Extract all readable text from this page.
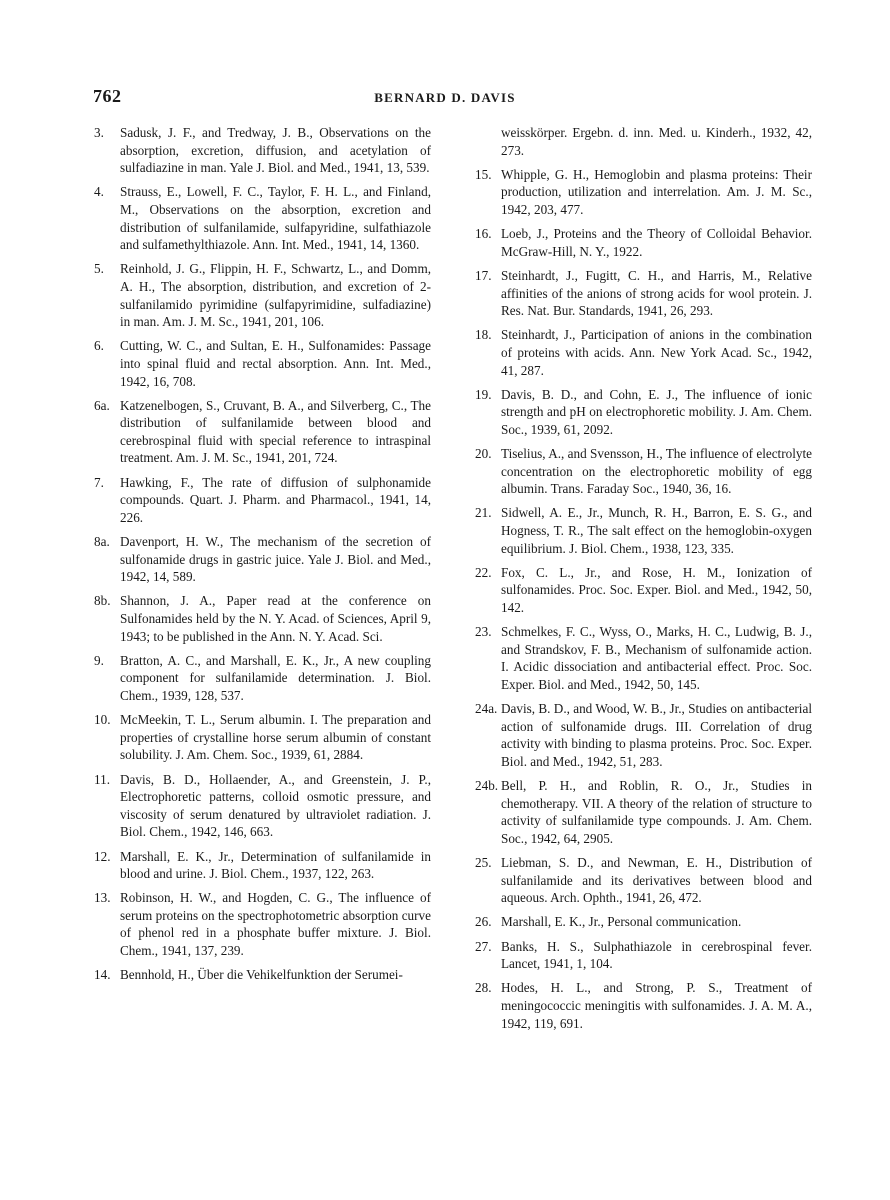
762	BERNARD D. DAVIS
3. Sadusk, J. F., and Tredway, J. B., Observations on the absorption, excretion, diffusion, and acetylation of sulfadiazine in man. Yale J. Biol. and Med., 1941, 13, 539.
4. Strauss, E., Lowell, F. C., Taylor, F. H. L., and Finland, M., Observations on the absorption, excretion and distribution of sulfanilamide, sulfapyridine, sulfathiazole and sulfamethylthiazole. Ann. Int. Med., 1941, 14, 1360.
5. Reinhold, J. G., Flippin, H. F., Schwartz, L., and Domm, A. H., The absorption, distribution, and excretion of 2-sulfanilamido pyrimidine (sulfapyrimidine, sulfadiazine) in man. Am. J. M. Sc., 1941, 201, 106.
6. Cutting, W. C., and Sultan, E. H., Sulfonamides: Passage into spinal fluid and rectal absorption. Ann. Int. Med., 1942, 16, 708.
6a. Katzenelbogen, S., Cruvant, B. A., and Silverberg, C., The distribution of sulfanilamide between blood and cerebrospinal fluid with special reference to intraspinal treatment. Am. J. M. Sc., 1941, 201, 724.
7. Hawking, F., The rate of diffusion of sulphonamide compounds. Quart. J. Pharm. and Pharmacol., 1941, 14, 226.
8a. Davenport, H. W., The mechanism of the secretion of sulfonamide drugs in gastric juice. Yale J. Biol. and Med., 1942, 14, 589.
8b. Shannon, J. A., Paper read at the conference on Sulfonamides held by the N. Y. Acad. of Sciences, April 9, 1943; to be published in the Ann. N. Y. Acad. Sci.
9. Bratton, A. C., and Marshall, E. K., Jr., A new coupling component for sulfanilamide determination. J. Biol. Chem., 1939, 128, 537.
10. McMeekin, T. L., Serum albumin. I. The preparation and properties of crystalline horse serum albumin of constant solubility. J. Am. Chem. Soc., 1939, 61, 2884.
11. Davis, B. D., Hollaender, A., and Greenstein, J. P., Electrophoretic patterns, colloid osmotic pressure, and viscosity of serum denatured by ultraviolet radiation. J. Biol. Chem., 1942, 146, 663.
12. Marshall, E. K., Jr., Determination of sulfanilamide in blood and urine. J. Biol. Chem., 1937, 122, 263.
13. Robinson, H. W., and Hogden, C. G., The influence of serum proteins on the spectrophotometric absorption curve of phenol red in a phosphate buffer mixture. J. Biol. Chem., 1941, 137, 239.
14. Bennhold, H., Über die Vehikelfunktion der Serumei-
weisskörper. Ergebn. d. inn. Med. u. Kinderh., 1932, 42, 273.
15. Whipple, G. H., Hemoglobin and plasma proteins: Their production, utilization and interrelation. Am. J. M. Sc., 1942, 203, 477.
16. Loeb, J., Proteins and the Theory of Colloidal Behavior. McGraw-Hill, N. Y., 1922.
17. Steinhardt, J., Fugitt, C. H., and Harris, M., Relative affinities of the anions of strong acids for wool protein. J. Res. Nat. Bur. Standards, 1941, 26, 293.
18. Steinhardt, J., Participation of anions in the combination of proteins with acids. Ann. New York Acad. Sc., 1942, 41, 287.
19. Davis, B. D., and Cohn, E. J., The influence of ionic strength and pH on electrophoretic mobility. J. Am. Chem. Soc., 1939, 61, 2092.
20. Tiselius, A., and Svensson, H., The influence of electrolyte concentration on the electrophoretic mobility of egg albumin. Trans. Faraday Soc., 1940, 36, 16.
21. Sidwell, A. E., Jr., Munch, R. H., Barron, E. S. G., and Hogness, T. R., The salt effect on the hemoglobin-oxygen equilibrium. J. Biol. Chem., 1938, 123, 335.
22. Fox, C. L., Jr., and Rose, H. M., Ionization of sulfonamides. Proc. Soc. Exper. Biol. and Med., 1942, 50, 142.
23. Schmelkes, F. C., Wyss, O., Marks, H. C., Ludwig, B. J., and Strandskov, F. B., Mechanism of sulfonamide action. I. Acidic dissociation and antibacterial effect. Proc. Soc. Exper. Biol. and Med., 1942, 50, 145.
24a. Davis, B. D., and Wood, W. B., Jr., Studies on antibacterial action of sulfonamide drugs. III. Correlation of drug activity with binding to plasma proteins. Proc. Soc. Exper. Biol. and Med., 1942, 51, 283.
24b. Bell, P. H., and Roblin, R. O., Jr., Studies in chemotherapy. VII. A theory of the relation of structure to activity of sulfanilamide type compounds. J. Am. Chem. Soc., 1942, 64, 2905.
25. Liebman, S. D., and Newman, E. H., Distribution of sulfanilamide and its derivatives between blood and aqueous. Arch. Ophth., 1941, 26, 472.
26. Marshall, E. K., Jr., Personal communication.
27. Banks, H. S., Sulphathiazole in cerebrospinal fever. Lancet, 1941, 1, 104.
28. Hodes, H. L., and Strong, P. S., Treatment of meningococcic meningitis with sulfonamides. J. A. M. A., 1942, 119, 691.
